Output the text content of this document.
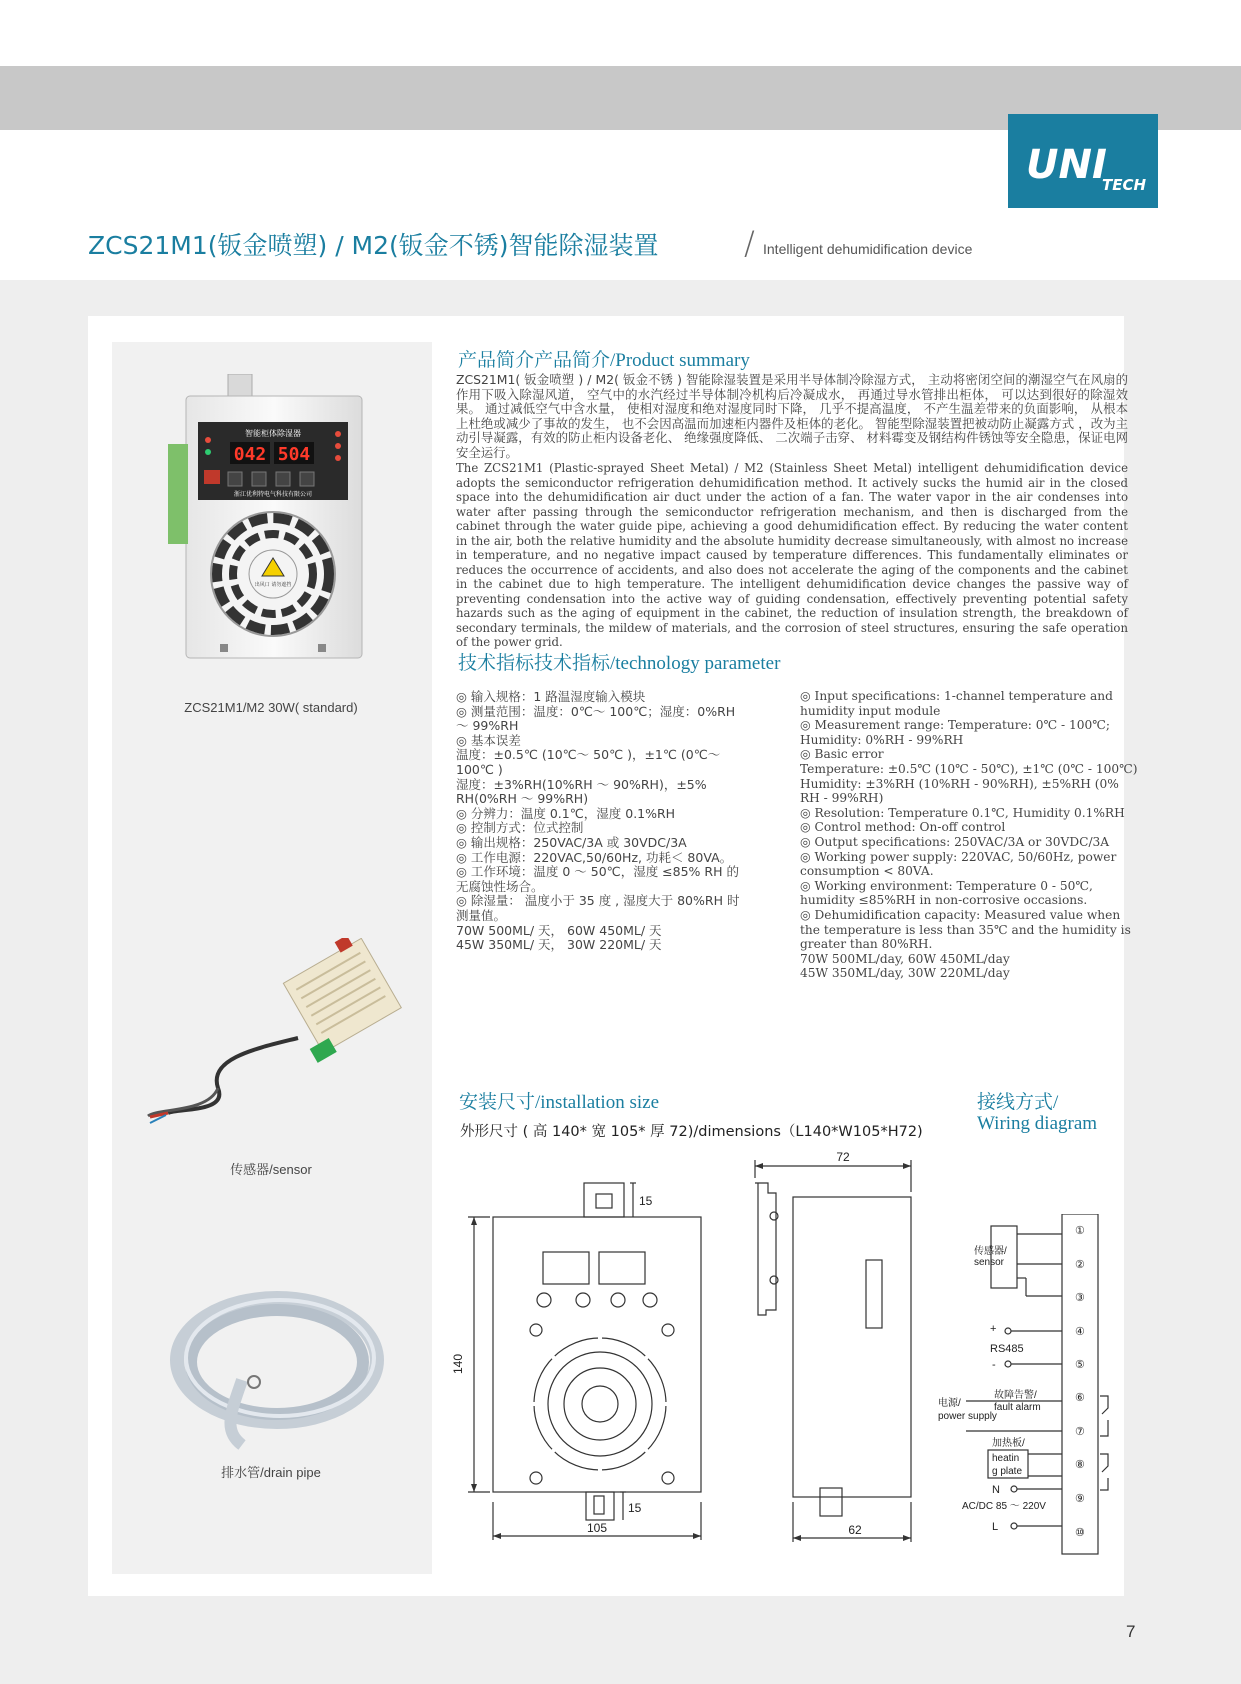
UNI
TECH
ZCS21M1(钣金喷塑) / M2(钣金不锈)智能除湿装置	/ Intelligent dehumidification device
智能柜体除湿器
042 504
浙江优利特电气科技有限公司
出风口 请勿遮挡
ZCS21M1/M2 30W( standard)
传感器/sensor
排水管/drain pipe
产品简介产品简介/Product summary
ZCS21M1( 钣金喷塑 ) / M2( 钣金不锈 ) 智能除湿装置是采用半导体制冷除湿方式， 主动将密闭空间的潮湿空气在风扇的作用下吸入除湿风道， 空气中的水汽经过半导体制冷机构后冷凝成水， 再通过导水管排出柜体， 可以达到很好的除湿效果。 通过减低空气中含水量， 使相对湿度和绝对湿度同时下降， 几乎不提高温度， 不产生温差带来的负面影响， 从根本上杜绝或减少了事故的发生， 也不会因高温而加速柜内器件及柜体的老化。 智能型除湿装置把被动防止凝露方式 ，改为主动引导凝露，有效的防止柜内设备老化、 绝缘强度降低、 二次端子击穿、 材料霉变及钢结构件锈蚀等安全隐患，保证电网安全运行。
The ZCS21M1 (Plastic-sprayed Sheet Metal) / M2 (Stainless Sheet Metal) intelligent dehumidification device adopts the semiconductor refrigeration dehumidification method. It actively sucks the humid air in the closed space into the dehumidification air duct under the action of a fan. The water vapor in the air condenses into water after passing through the semiconductor refrigeration mechanism, and then is discharged from the cabinet through the water guide pipe, achieving a good dehumidification effect. By reducing the water content in the air, both the relative humidity and the absolute humidity decrease simultaneously, with almost no increase in temperature, and no negative impact caused by temperature differences. This fundamentally eliminates or reduces the occurrence of accidents, and also does not accelerate the aging of the components and the cabinet in the cabinet due to high temperature. The intelligent dehumidification device changes the passive way of preventing condensation into the active way of guiding condensation, effectively preventing potential safety hazards such as the aging of equipment in the cabinet, the reduction of insulation strength, the breakdown of secondary terminals, the mildew of materials, and the corrosion of steel structures, ensuring the safe operation of the power grid.
技术指标技术指标/technology parameter
◎ 输入规格：1 路温湿度输入模块
◎ 测量范围：温度：0℃～ 100℃；湿度：0%RH
～ 99%RH
◎ 基本误差
温度：±0.5℃ (10℃～ 50℃ )，±1℃ (0℃～
100℃ )
湿度：±3%RH(10%RH ～ 90%RH)，±5%
RH(0%RH ～ 99%RH)
◎ 分辨力：温度 0.1℃，湿度 0.1%RH
◎ 控制方式：位式控制
◎ 输出规格：250VAC/3A 或 30VDC/3A
◎ 工作电源：220VAC,50/60Hz, 功耗＜ 80VA。
◎ 工作环境：温度 0 ～ 50℃，湿度 ≤85% RH 的
无腐蚀性场合。
◎ 除湿量： 温度小于 35 度 , 湿度大于 80%RH 时
测量值。
70W 500ML/ 天， 60W 450ML/ 天
45W 350ML/ 天， 30W 220ML/ 天
◎ Input specifications: 1-channel temperature and
humidity input module
◎ Measurement range: Temperature: 0℃ - 100℃;
Humidity: 0%RH - 99%RH
◎ Basic error
Temperature: ±0.5℃ (10℃ - 50℃), ±1℃ (0℃ - 100℃)
Humidity: ±3%RH (10%RH - 90%RH), ±5%RH (0%
RH - 99%RH)
◎ Resolution: Temperature 0.1℃, Humidity 0.1%RH
◎ Control method: On-off control
◎ Output specifications: 250VAC/3A or 30VDC/3A
◎ Working power supply: 220VAC, 50/60Hz, power
consumption < 80VA.
◎ Working environment: Temperature 0 - 50℃,
humidity ≤85%RH in non-corrosive occasions.
◎ Dehumidification capacity: Measured value when
the temperature is less than 35℃ and the humidity is
greater than 80%RH.
70W 500ML/day, 60W 450ML/day
45W 350ML/day, 30W 220ML/day
安装尺寸/installation size
外形尺寸 ( 高 140* 宽 105* 厚 72)/dimensions（L140*W105*H72)
15
140
15
105
72
62
接线方式/
Wiring diagram
①
②
③
④
⑤
⑥
⑦
⑧
⑨
⑩
传感器/
sensor
+
RS485
-
电源/
power supply
故障告警/
fault alarm
加热板/
heatin
g plate
N
AC/DC 85 ～ 220V
L
7
